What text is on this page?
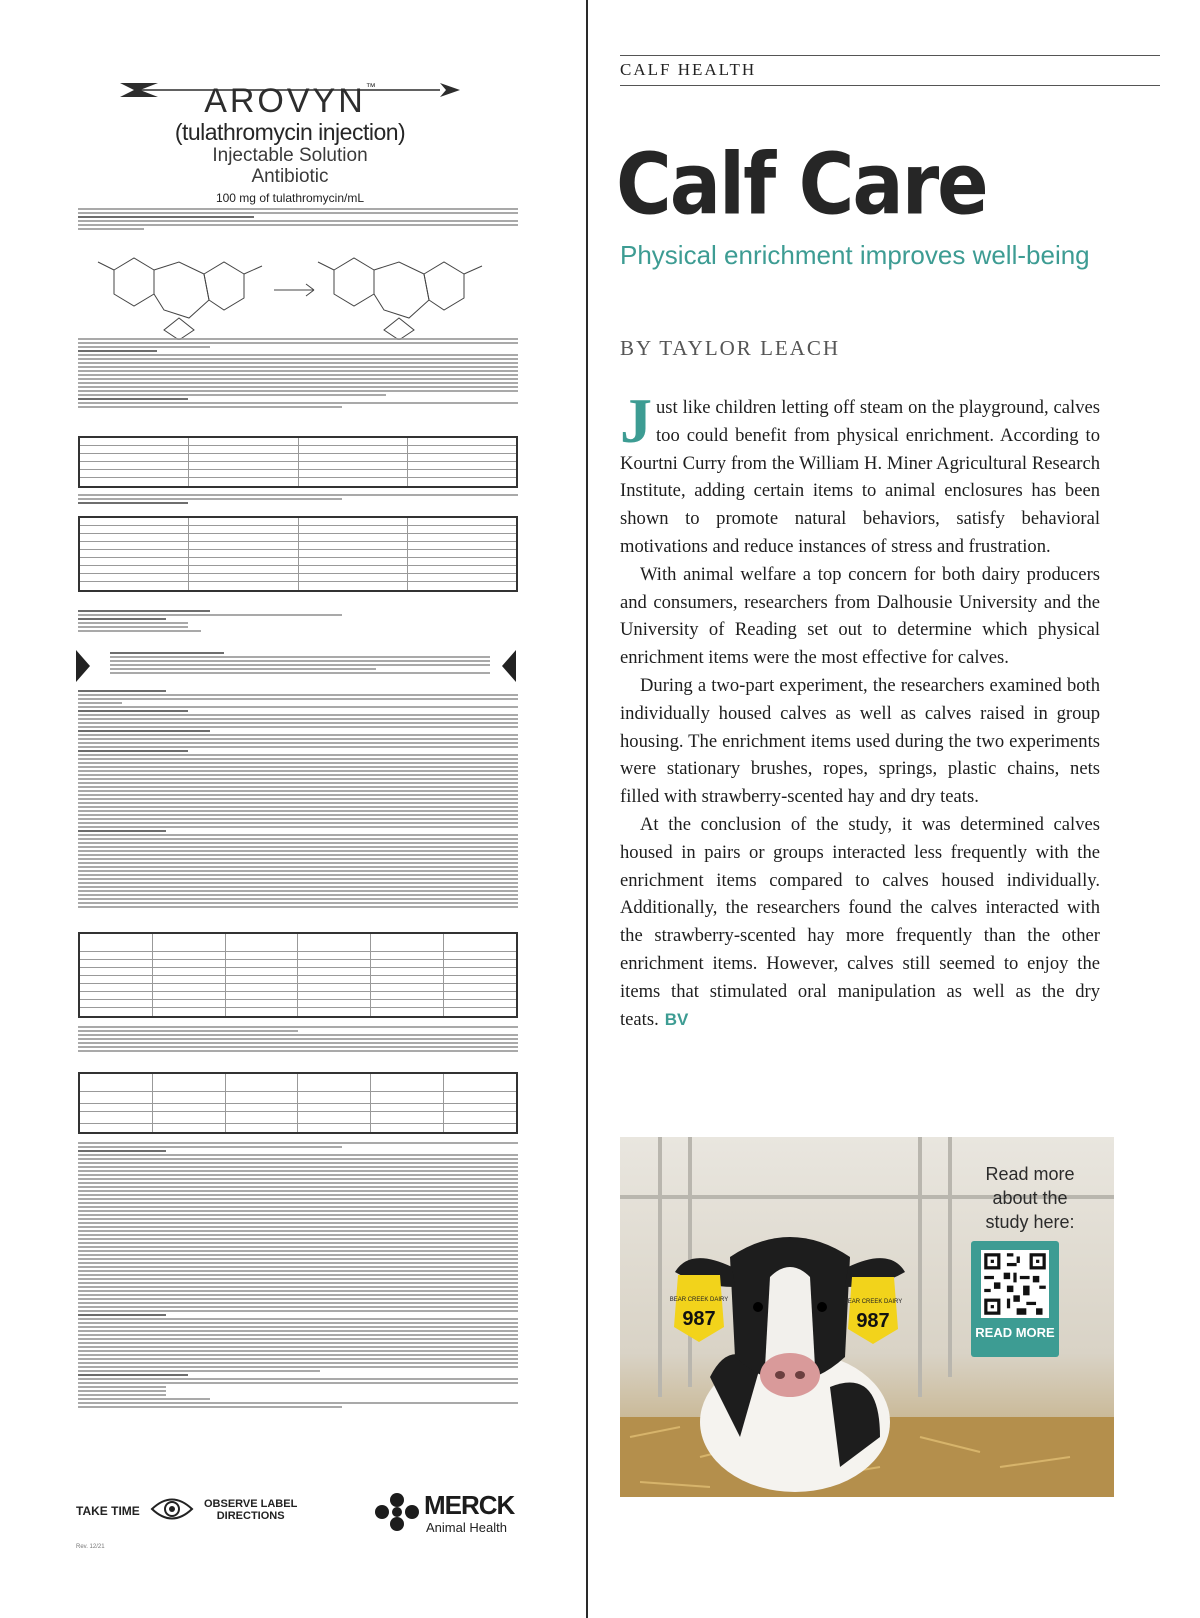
AROVYN™
(tulathromycin injection)
Injectable Solution
Antibiotic
100 mg of tulathromycin/mL
TAKE TIME	OBSERVE LABEL
DIRECTIONS	MERCK
Animal Health
Rev. 12/21
CALF HEALTH
Calf Care
Physical enrichment improves well-being
BY TAYLOR LEACH

Just like children letting off steam on the playground, calves too could benefit from physical enrichment. According to Kourtni Curry from the William H. Miner Agricultural Research Institute, adding certain items to animal enclosures has been shown to promote natural behaviors, satisfy behavioral motivations and reduce instances of stress and frustration.

With animal welfare a top concern for both dairy producers and consumers, researchers from Dalhousie University and the University of Reading set out to determine which physical enrichment items were the most effective for calves.

During a two-part experiment, the researchers examined both individually housed calves as well as calves raised in group housing. The enrichment items used during the two experiments were stationary brushes, ropes, springs, plastic chains, nets filled with strawberry-scented hay and dry teats.

At the conclusion of the study, it was determined calves housed in pairs or groups interacted less frequently with the enrichment items compared to calves housed individually. Additionally, the researchers found the calves interacted with the strawberry-scented hay more frequently than the other enrichment items. However, calves still seemed to enjoy the items that stimulated oral manipulation as well as the dry teats. BV

BEAR CREEK DAIRY
987
BEAR CREEK DAIRY
987
Read more
about the
study here:
READ MORE
